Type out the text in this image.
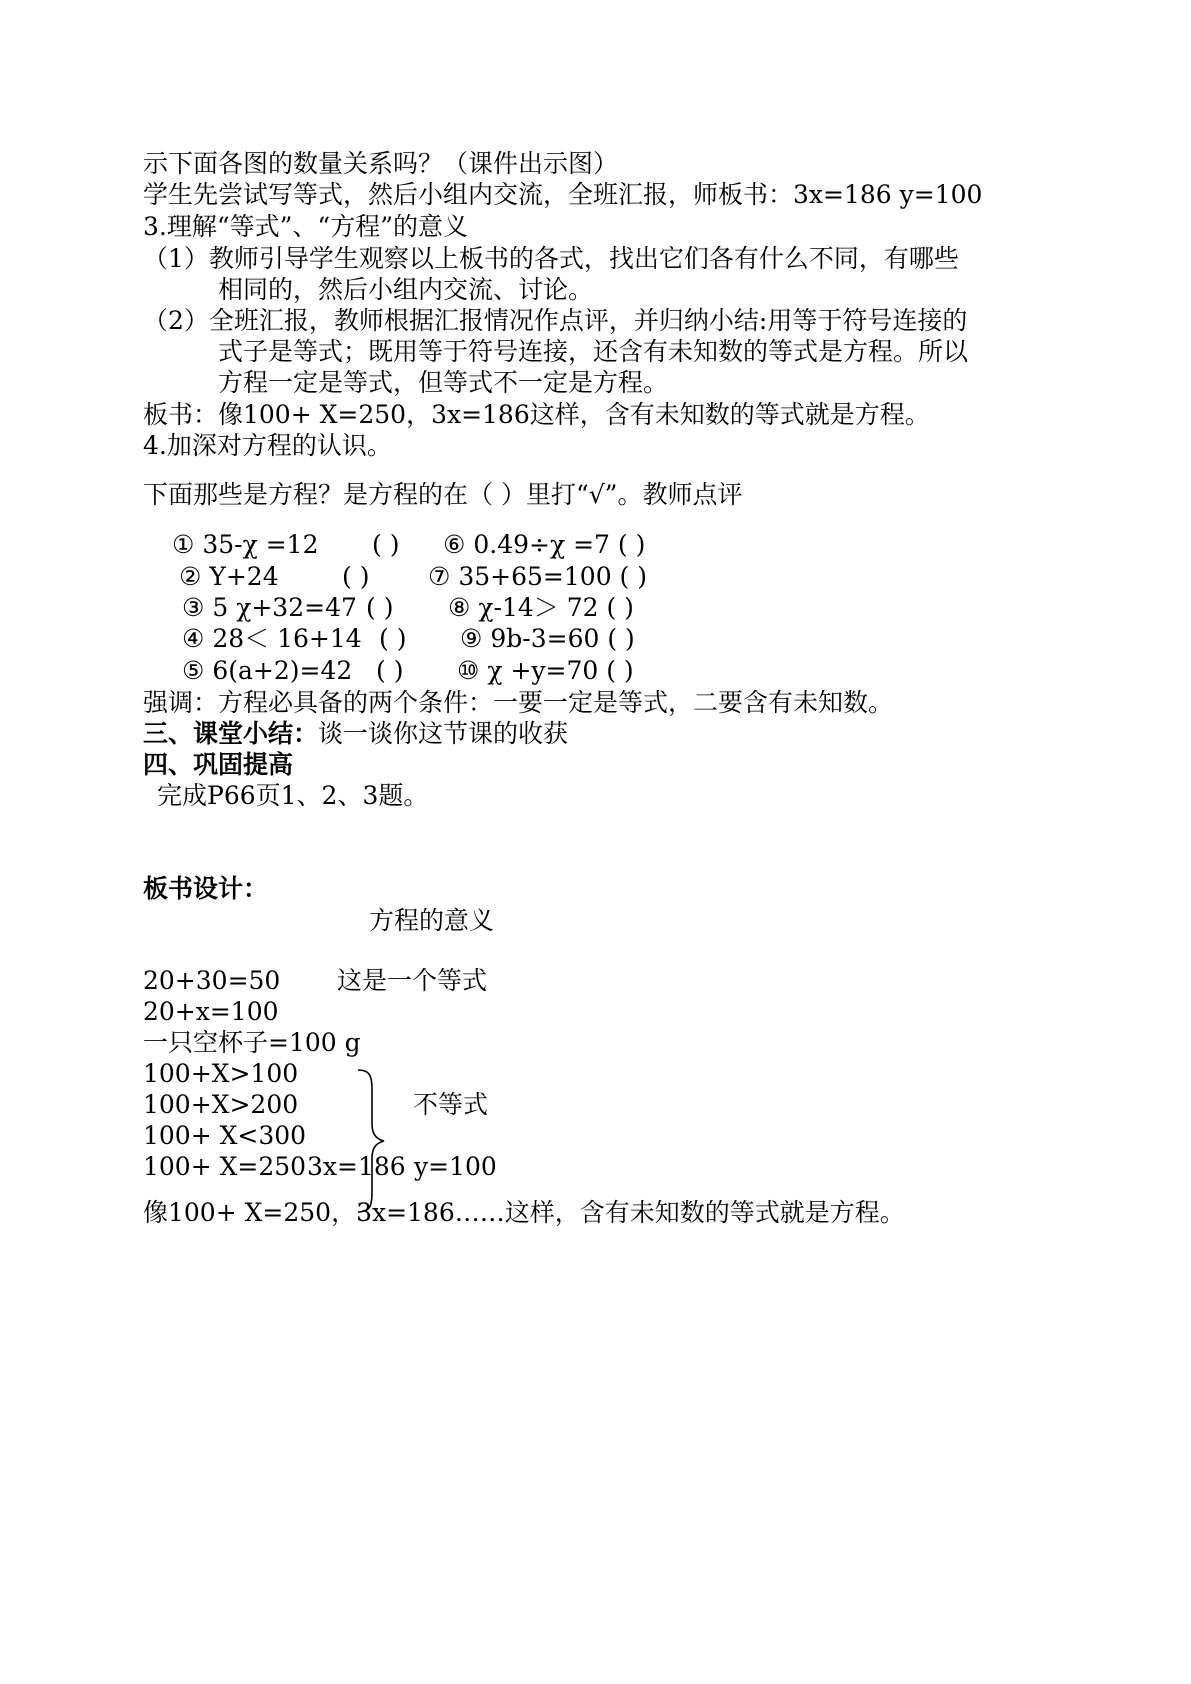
示下面各图的数量关系吗？（课件出示图）
学生先尝试写等式，然后小组内交流，全班汇报，师板书：3x=186 y=100
3.理解“等式”、“方程”的意义
（1）教师引导学生观察以上板书的各式，找出它们各有什么不同，有哪些
相同的，然后小组内交流、讨论。
（2）全班汇报，教师根据汇报情况作点评，并归纳小结:用等于符号连接的
式子是等式；既用等于符号连接，还含有未知数的等式是方程。所以
方程一定是等式，但等式不一定是方程。
板书：像100+ X=250，3x=186这样，含有未知数的等式就是方程。
4.加深对方程的认识。
下面那些是方程？是方程的在（ ）里打“√”。教师点评
① 35-χ =12 ( ) ⑥ 0.49÷χ =7 ( )
② Y+24	( ) ⑦ 35+65=100 ( )
③ 5 χ+32=47 ( ) ⑧ χ-14＞ 72 ( )
④ 28＜ 16+14 ( ) ⑨ 9b-3=60 ( )
⑤ 6(a+2)=42 ( ) ⑩ χ +y=70 ( )
强调：方程必具备的两个条件：一要一定是等式，二要含有未知数。
三、课堂小结：谈一谈你这节课的收获
四、巩固提高
完成P66页1、2、3题。
板书设计：
方程的意义
20+30=50 这是一个等式
20+x=100
一只空杯子=100 g
100+X>100
100+X>200
100+ X<300
不等式
100+ X=250 3x=186 y=100
像100+ X=250，3x=186……这样，含有未知数的等式就是方程。
